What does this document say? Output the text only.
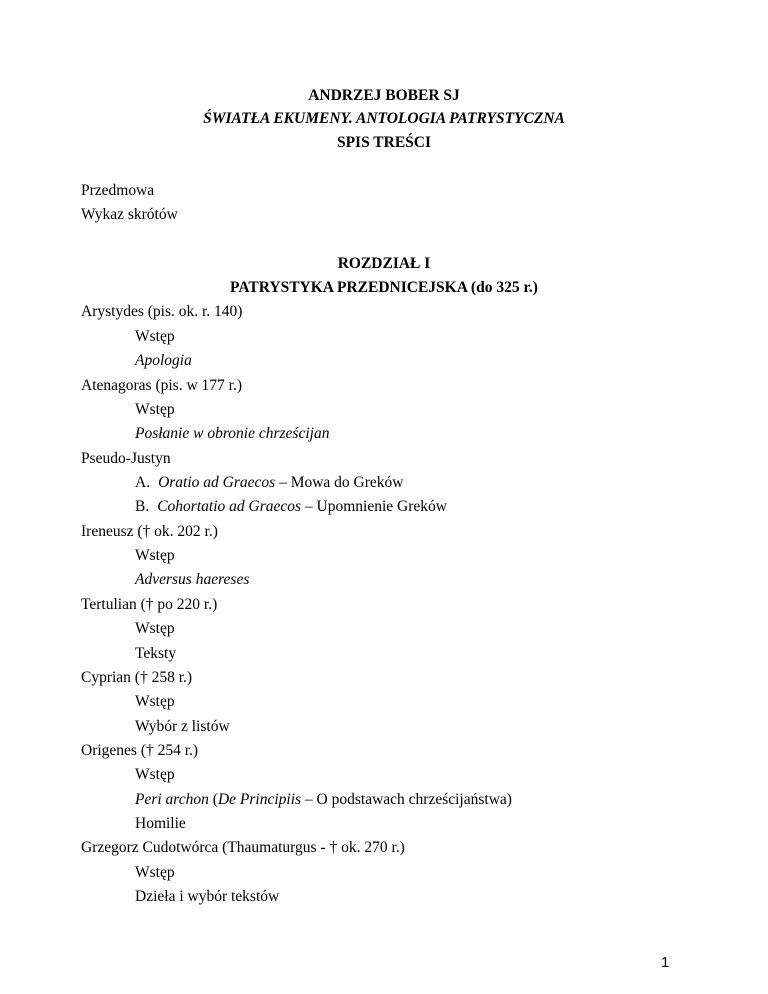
ANDRZEJ BOBER SJ
ŚWIATŁA EKUMENY. ANTOLOGIA PATRYSTYCZNA
SPIS TREŚCI
Przedmowa
Wykaz skrótów
ROZDZIAŁ I
PATRYSTYKA PRZEDNICEJSKA (do 325 r.)
Arystydes (pis. ok. r. 140)
Wstęp
Apologia
Atenagoras (pis. w 177 r.)
Wstęp
Posłanie w obronie chrześcijan
Pseudo-Justyn
A. Oratio ad Graecos – Mowa do Greków
B. Cohortatio ad Graecos – Upomnienie Greków
Ireneusz († ok. 202 r.)
Wstęp
Adversus haereses
Tertulian († po 220 r.)
Wstęp
Teksty
Cyprian († 258 r.)
Wstęp
Wybór z listów
Origenes († 254 r.)
Wstęp
Peri archon (De Principiis – O podstawach chrześcijaństwa)
Homilie
Grzegorz Cudotwórca (Thaumaturgus - † ok. 270 r.)
Wstęp
Dzieła i wybór tekstów
1
